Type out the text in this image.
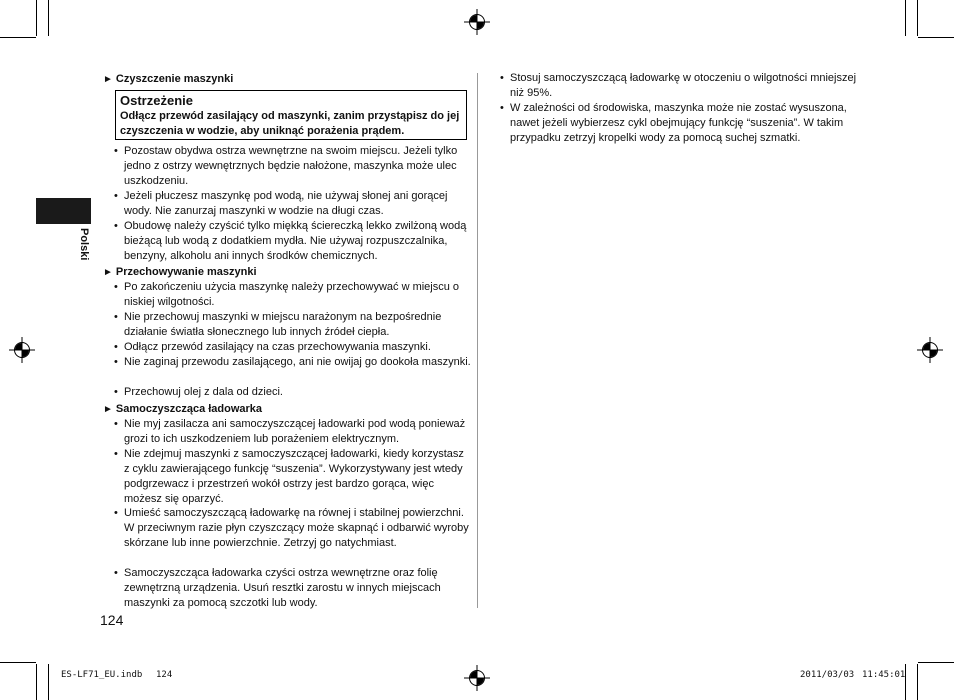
Polski
► Czyszczenie maszynki
Ostrzeżenie
Odłącz przewód zasilający od maszynki, zanim przystąpisz do jej czyszczenia w wodzie, aby uniknąć porażenia prądem.
• Pozostaw obydwa ostrza wewnętrzne na swoim miejscu. Jeżeli tylko jedno z ostrzy wewnętrznych będzie nałożone, maszynka może ulec uszkodzeniu.
• Jeżeli płuczesz maszynkę pod wodą, nie używaj słonej ani gorącej wody. Nie zanurzaj maszynki w wodzie na długi czas.
• Obudowę należy czyścić tylko miękką ściereczką lekko zwilżoną wodą bieżącą lub wodą z dodatkiem mydła. Nie używaj rozpuszczalnika, benzyny, alkoholu ani innych środków chemicznych.
► Przechowywanie maszynki
• Po zakończeniu użycia maszynkę należy przechowywać w miejscu o niskiej wilgotności.
• Nie przechowuj maszynki w miejscu narażonym na bezpośrednie działanie światła słonecznego lub innych źródeł ciepła.
• Odłącz przewód zasilający na czas przechowywania maszynki.
• Nie zaginaj przewodu zasilającego, ani nie owijaj go dookoła maszynki.
• Przechowuj olej z dala od dzieci.
► Samoczyszcząca ładowarka
• Nie myj zasilacza ani samoczyszczącej ładowarki pod wodą ponieważ grozi to ich uszkodzeniem lub porażeniem elektrycznym.
• Nie zdejmuj maszynki z samoczyszczącej ładowarki, kiedy korzystasz z cyklu zawierającego funkcję “suszenia”. Wykorzystywany jest wtedy podgrzewacz i przestrzeń wokół ostrzy jest bardzo gorąca, więc możesz się oparzyć.
• Umieść samoczyszczącą ładowarkę na równej i stabilnej powierzchni. W przeciwnym razie płyn czyszczący może skapnąć i odbarwić wyroby skórzane lub inne powierzchnie. Zetrzyj go natychmiast.
• Samoczyszcząca ładowarka czyści ostrza wewnętrzne oraz folię zewnętrzną urządzenia. Usuń resztki zarostu w innych miejscach maszynki za pomocą szczotki lub wody.
• Stosuj samoczyszczącą ładowarkę w otoczeniu o wilgotności mniejszej niż 95%.
• W zależności od środowiska, maszynka może nie zostać wysuszona, nawet jeżeli wybierzesz cykl obejmujący funkcję “suszenia”. W takim przypadku zetrzyj kropelki wody za pomocą suchej szmatki.
124
ES-LF71_EU.indb 124	2011/03/03 11:45:01
